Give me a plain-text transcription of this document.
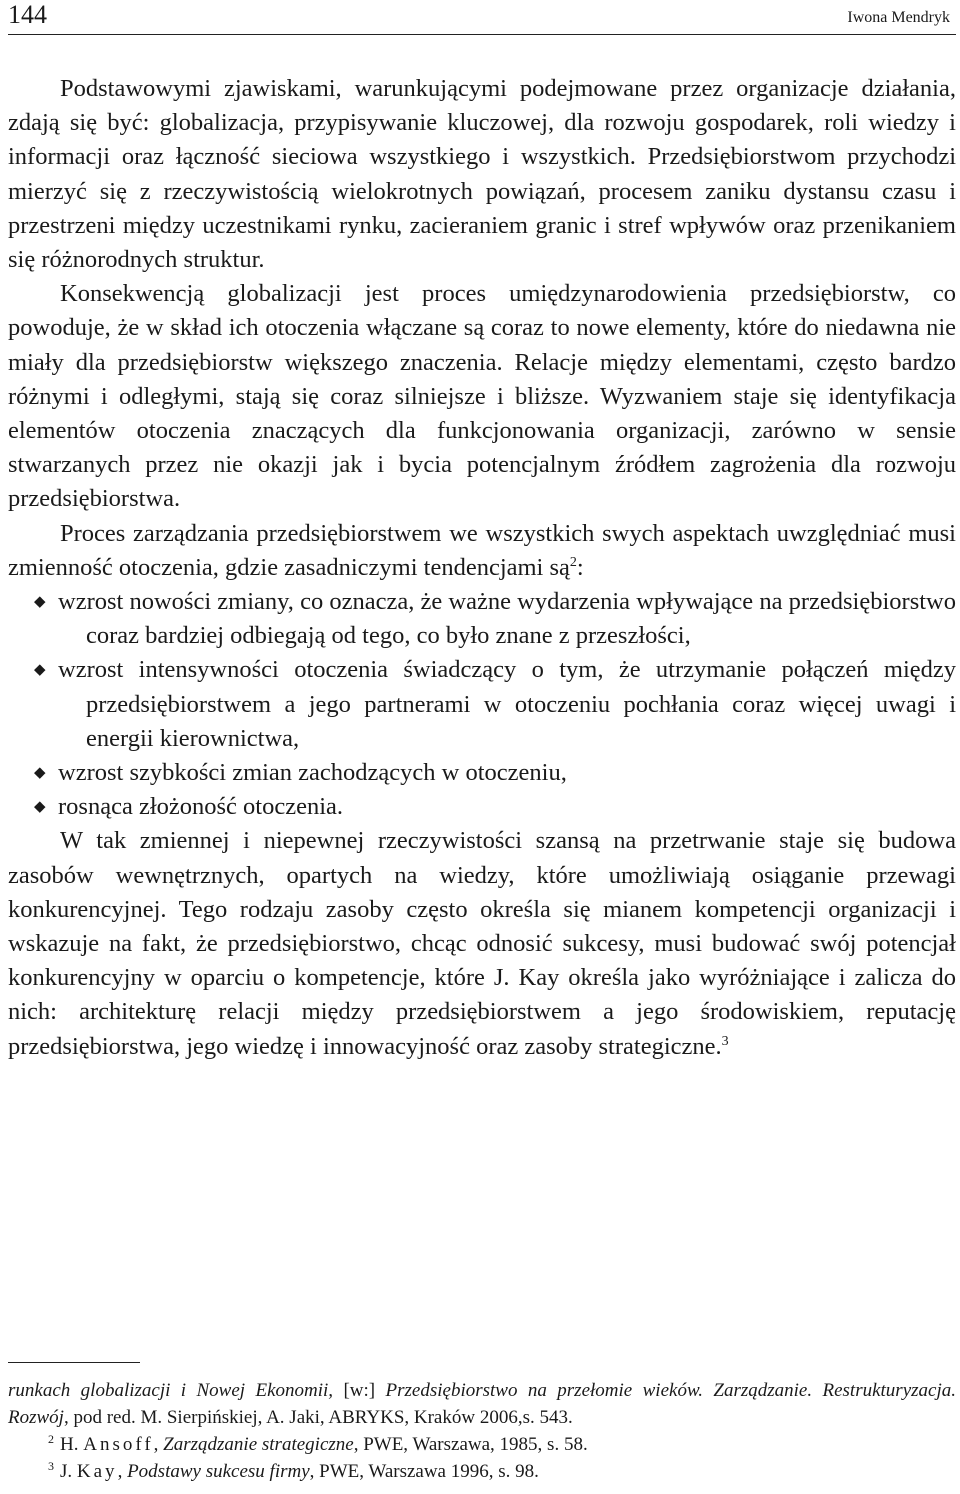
144	Iwona Mendryk

Podstawowymi zjawiskami, warunkującymi podejmowane przez organizacje działania, zdają się być: globalizacja, przypisywanie kluczowej, dla rozwoju gospodarek, roli wiedzy i informacji oraz łączność sieciowa wszystkiego i wszystkich. Przedsiębiorstwom przychodzi mierzyć się z rzeczywistością wielokrotnych powiązań, procesem zaniku dystansu czasu i przestrzeni między uczestnikami rynku, zacieraniem granic i stref wpływów oraz przenikaniem się różnorodnych struktur.

Konsekwencją globalizacji jest proces umiędzynarodowienia przedsiębiorstw, co powoduje, że w skład ich otoczenia włączane są coraz to nowe elementy, które do niedawna nie miały dla przedsiębiorstw większego znaczenia. Relacje między elementami, często bardzo różnymi i odległymi, stają się coraz silniejsze i bliższe. Wyzwaniem staje się identyfikacja elementów otoczenia znaczących dla funkcjonowania organizacji, zarówno w sensie stwarzanych przez nie okazji jak i bycia potencjalnym źródłem zagrożenia dla rozwoju przedsiębiorstwa.

Proces zarządzania przedsiębiorstwem we wszystkich swych aspektach uwzględniać musi zmienność otoczenia, gdzie zasadniczymi tendencjami $są^2$:

◆ wzrost nowości zmiany, co oznacza, że ważne wydarzenia wpływające na przedsiębiorstwo coraz bardziej odbiegają od tego, co było znane z przeszłości,
◆ wzrost intensywności otoczenia świadczący o tym, że utrzymanie połączeń między przedsiębiorstwem a jego partnerami w otoczeniu pochłania coraz więcej uwagi i energii kierownictwa,
◆ wzrost szybkości zmian zachodzących w otoczeniu,
◆ rosnąca złożoność otoczenia.

W tak zmiennej i niepewnej rzeczywistości szansą na przetrwanie staje się budowa zasobów wewnętrznych, opartych na wiedzy, które umożliwiają osiąganie przewagi konkurencyjnej. Tego rodzaju zasoby często określa się mianem kompetencji organizacji i wskazuje na fakt, że przedsiębiorstwo, chcąc odnosić sukcesy, musi budować swój potencjał konkurencyjny w oparciu o kompetencje, które J. Kay określa jako wyróżniające i zalicza do nich: architekturę relacji między przedsiębiorstwem a jego środowiskiem, reputację przedsiębiorstwa, jego wiedzę i innowacyjność oraz zasoby strategiczne.$^3$

runkach globalizacji i Nowej Ekonomii, [w:] Przedsiębiorstwo na przełomie wieków. Zarządzanie. Restrukturyzacja. Rozwój, pod red. M. Sierpińskiej, A. Jaki, ABRYKS, Kraków 2006,s. 543.

$^2$ H. Ansoff, Zarządzanie strategiczne, PWE, Warszawa, 1985, s. 58.

$^3$ J. Kay, Podstawy sukcesu firmy, PWE, Warszawa 1996, s. 98.
